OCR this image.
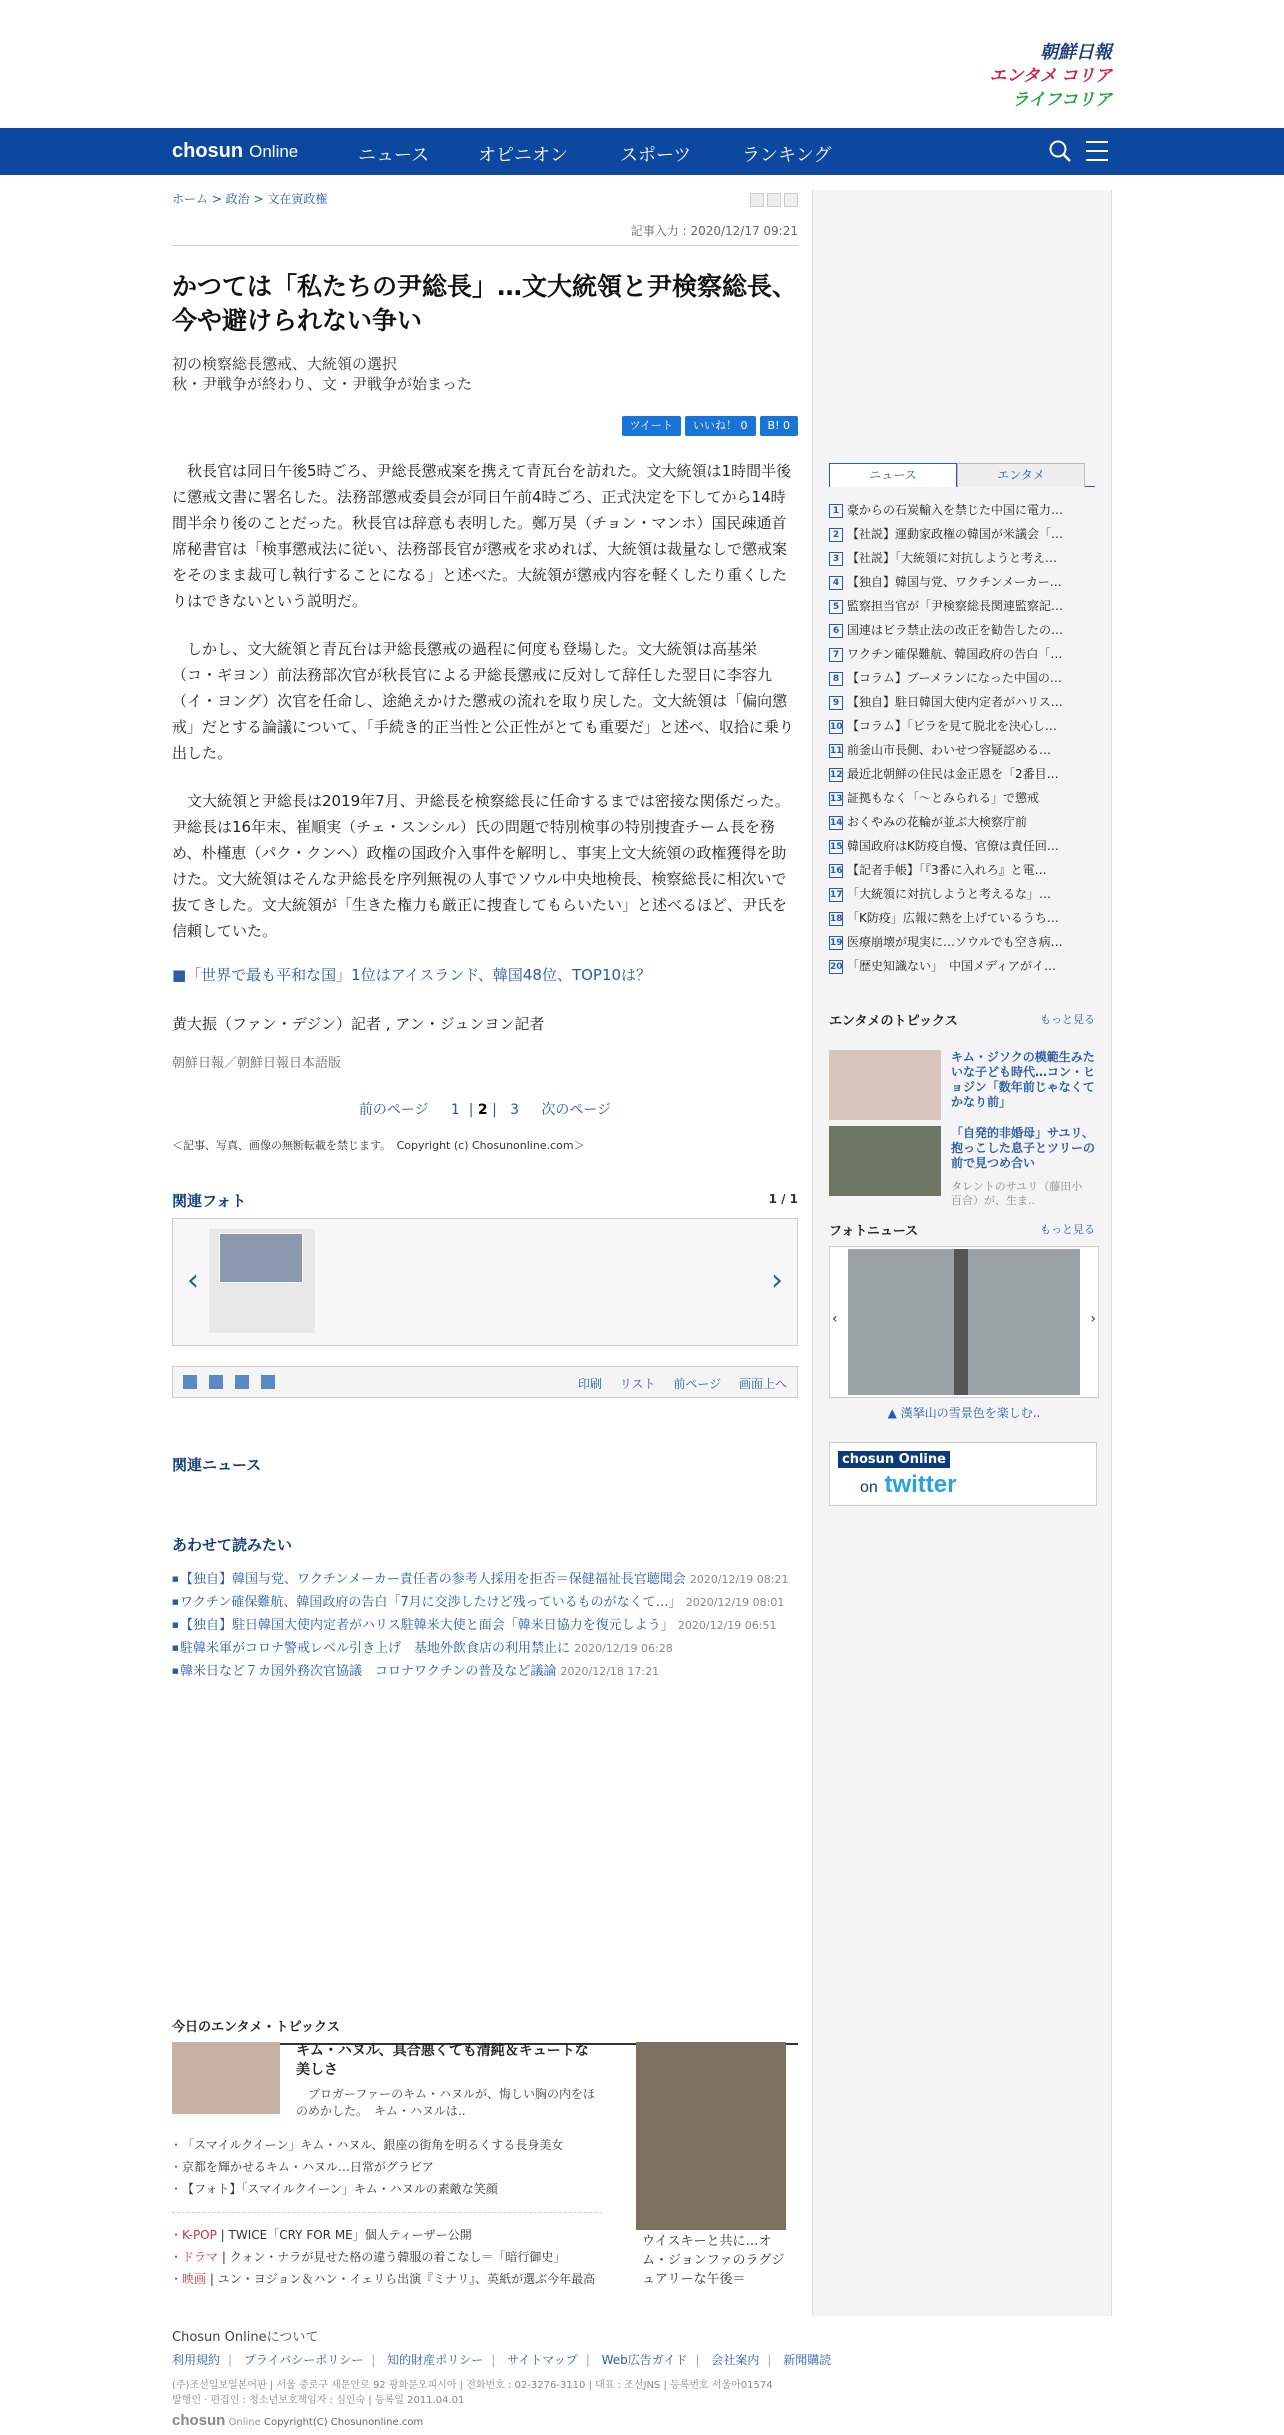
朝鮮日報
エンタメ コリア
ライフコリア
chosun Online	ニュース	オピニオン	スポーツ	ランキング
ホーム > 政治 > 文在寅政権
記事入力 : 2020/12/17 09:21
かつては「私たちの尹総長」…文大統領と尹検察総長、今や避けられない争い
初の検察総長懲戒、大統領の選択
秋・尹戦争が終わり、文・尹戦争が始まった
ツイート いいね！ 0 B! 0

秋長官は同日午後5時ごろ、尹総長懲戒案を携えて青瓦台を訪れた。文大統領は1時間半後に懲戒文書に署名した。法務部懲戒委員会が同日午前4時ごろ、正式決定を下してから14時間半余り後のことだった。秋長官は辞意も表明した。鄭万昊（チョン・マンホ）国民疎通首席秘書官は「検事懲戒法に従い、法務部長官が懲戒を求めれば、大統領は裁量なしで懲戒案をそのまま裁可し執行することになる」と述べた。大統領が懲戒内容を軽くしたり重くしたりはできないという説明だ。

しかし、文大統領と青瓦台は尹総長懲戒の過程に何度も登場した。文大統領は高基栄（コ・ギヨン）前法務部次官が秋長官による尹総長懲戒に反対して辞任した翌日に李容九（イ・ヨング）次官を任命し、途絶えかけた懲戒の流れを取り戻した。文大統領は「偏向懲戒」だとする論議について、「手続き的正当性と公正性がとても重要だ」と述べ、収拾に乗り出した。

文大統領と尹総長は2019年7月、尹総長を検察総長に任命するまでは密接な関係だった。尹総長は16年末、崔順実（チェ・スンシル）氏の問題で特別検事の特別捜査チーム長を務め、朴槿恵（パク・クンヘ）政権の国政介入事件を解明し、事実上文大統領の政権獲得を助けた。文大統領はそんな尹総長を序列無視の人事でソウル中央地検長、検察総長に相次いで抜てきした。文大統領が「生きた権力も厳正に捜査してもらいたい」と述べるほど、尹氏を信頼していた。

■「世界で最も平和な国」1位はアイスランド、韓国48位、TOP10は？
黄大振（ファン・デジン）記者 , アン・ジュンヨン記者
朝鮮日報／朝鮮日報日本語版
前のページ 1  | 2 |   3 次のページ
＜記事、写真、画像の無断転載を禁じます。　Copyright (c) Chosunonline.com＞
1 / 1
関連フォト
‹	›
印刷 リスト 前ページ 画面上へ
関連ニュース
あわせて読みたい
■ 【独自】韓国与党、ワクチンメーカー責任者の参考人採用を拒否＝保健福祉長官聴聞会 2020/12/19 08:21
■ ワクチン確保難航、韓国政府の告白「7月に交渉したけど残っているものがなくて…」 2020/12/19 08:01
■ 【独自】駐日韓国大使内定者がハリス駐韓米大使と面会「韓米日協力を復元しよう」 2020/12/19 06:51
■ 駐韓米軍がコロナ警戒レベル引き上げ　基地外飲食店の利用禁止に 2020/12/19 06:28
■ 韓米日など７カ国外務次官協議　コロナワクチンの普及など議論 2020/12/18 17:21
今日のエンタメ・トピックス
キム・ハヌル、具合悪くても清純＆キュートな美しさ
ブロガーファーのキム・ハヌルが、悔しい胸の内をほのめかした。　キム・ハヌルは..
・ 「スマイルクイーン」キム・ハヌル、銀座の街角を明るくする長身美女
・ 京都を輝かせるキム・ハヌル…日常がグラビア
・ 【フォト】「スマイルクイーン」キム・ハヌルの素敵な笑顔
・ K-POP | TWICE「CRY FOR ME」個人ティーザー公開
・ ドラマ | クォン・ナラが見せた格の違う韓服の着こなし＝「暗行御史」
・ 映画 | ユン・ヨジョン＆ハン・イェリら出演『ミナリ』、英紙が選ぶ今年最高
ウイスキーと共に…オム・ジョンファのラグジュアリーな午後＝
ニュース	エンタメ
1 豪からの石炭輸入を禁じた中国に電力…
2 【社説】運動家政権の韓国が米議会「…
3 【社説】「大統領に対抗しようと考え…
4 【独自】韓国与党、ワクチンメーカー…
5 監察担当官が「尹検察総長関連監察記…
6 国連はビラ禁止法の改正を勧告したの…
7 ワクチン確保難航、韓国政府の告白「…
8 【コラム】ブーメランになった中国の…
9 【独自】駐日韓国大使内定者がハリス…
10 【コラム】「ビラを見て脱北を決心し…
11 前釜山市長側、わいせつ容疑認める…
12 最近北朝鮮の住民は金正恩を「2番目…
13 証拠もなく「～とみられる」で懲戒
14 おくやみの花輪が並ぶ大検察庁前
15 韓国政府はK防疫自慢、官僚は責任回…
16 【記者手帳】「『3番に入れろ』と電…
17 「大統領に対抗しようと考えるな」…
18 「K防疫」広報に熱を上げているうち…
19 医療崩壊が現実に…ソウルでも空き病…
20 「歴史知識ない」　中国メディアがイ…
エンタメのトピックス	もっと見る
キム・ジソクの模範生みたいな子ども時代…コン・ヒョジン「数年前じゃなくてかなり前」
「自発的非婚母」サユリ、抱っこした息子とツリーの前で見つめ合い
タレントのサユリ（藤田小百合）が、生ま..
フォトニュース	もっと見る
‹	›
▲ 漢拏山の雪景色を楽しむ..
chosun Online
on twitter
Chosun Onlineについて
利用規約 | プライバシーポリシー | 知的財産ポリシー | サイトマップ | Web広告ガイド | 会社案内 | 新聞購読
(주)조선일보일본어판 | 서울 중로구 새문안로 92 광화문오피시아 | 전화번호 : 02-3276-3110 | 대표 : 조선JNS | 등록번호 서울아01574
발행인 · 편집인 : 청소년보호책임자 : 심인숙 | 등록일 2011.04.01
chosun Online Copyright(C) Chosunonline.com
